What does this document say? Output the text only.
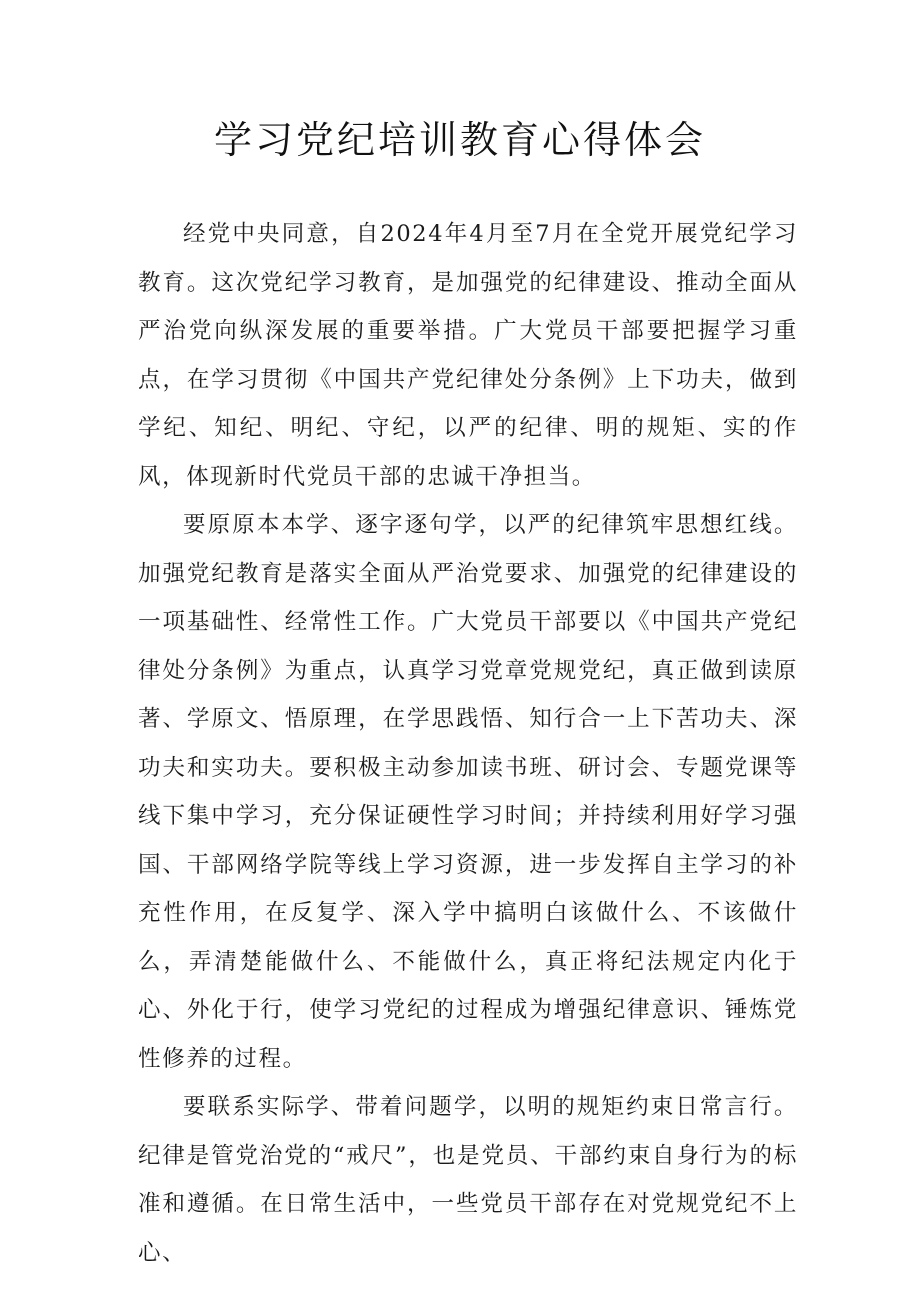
学习党纪培训教育心得体会

经党中央同意，自2024年4月至7月在全党开展党纪学习教育。这次党纪学习教育，是加强党的纪律建设、推动全面从严治党向纵深发展的重要举措。广大党员干部要把握学习重点，在学习贯彻《中国共产党纪律处分条例》上下功夫，做到学纪、知纪、明纪、守纪，以严的纪律、明的规矩、实的作风，体现新时代党员干部的忠诚干净担当。

要原原本本学、逐字逐句学，以严的纪律筑牢思想红线。加强党纪教育是落实全面从严治党要求、加强党的纪律建设的一项基础性、经常性工作。广大党员干部要以《中国共产党纪律处分条例》为重点，认真学习党章党规党纪，真正做到读原著、学原文、悟原理，在学思践悟、知行合一上下苦功夫、深功夫和实功夫。要积极主动参加读书班、研讨会、专题党课等线下集中学习，充分保证硬性学习时间；并持续利用好学习强国、干部网络学院等线上学习资源，进一步发挥自主学习的补充性作用，在反复学、深入学中搞明白该做什么、不该做什么，弄清楚能做什么、不能做什么，真正将纪法规定内化于心、外化于行，使学习党纪的过程成为增强纪律意识、锤炼党性修养的过程。

要联系实际学、带着问题学，以明的规矩约束日常言行。纪律是管党治党的“戒尺”，也是党员、干部约束自身行为的标准和遵循。在日常生活中，一些党员干部存在对党规党纪不上心、
